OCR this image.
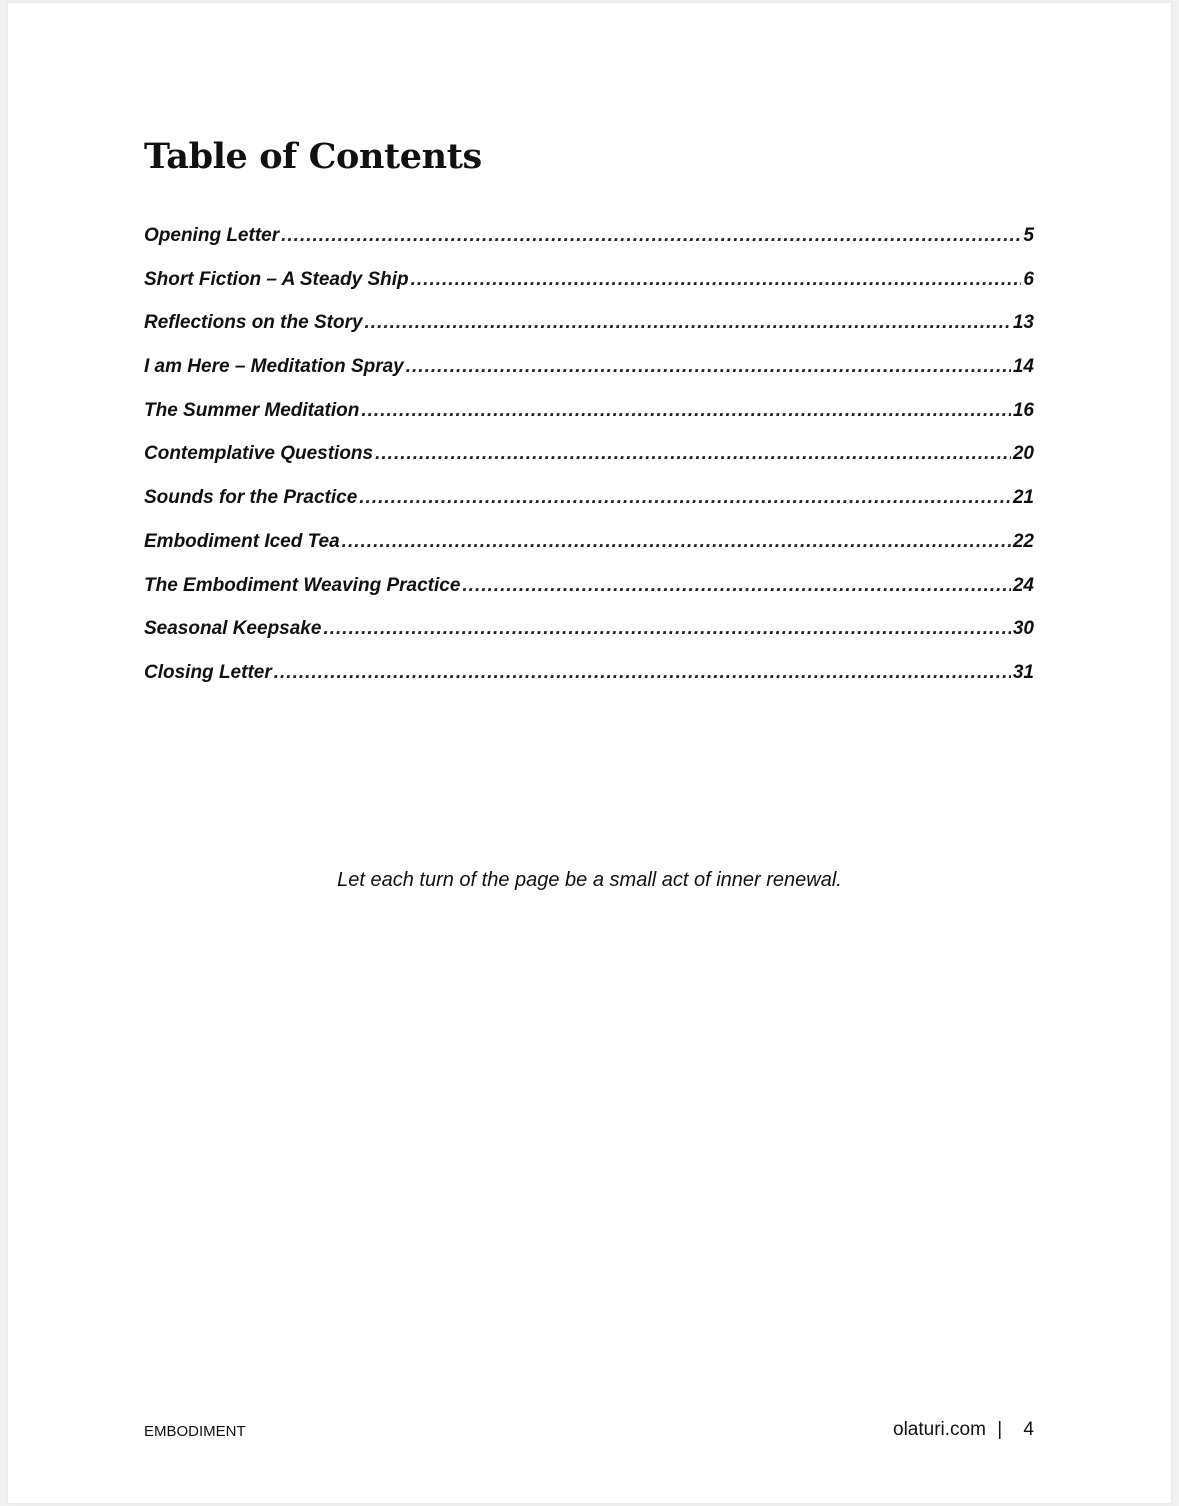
Table of Contents
Opening Letter .....	5
Short Fiction – A Steady Ship .....	6
Reflections on the Story .....	13
I am Here – Meditation Spray .....	14
The Summer Meditation .....	16
Contemplative Questions .....	20
Sounds for the Practice .....	21
Embodiment Iced Tea .....	22
The Embodiment Weaving Practice .....	24
Seasonal Keepsake .....	30
Closing Letter .....	31
Let each turn of the page be a small act of inner renewal.
EMBODIMENT	olaturi.com | 4
